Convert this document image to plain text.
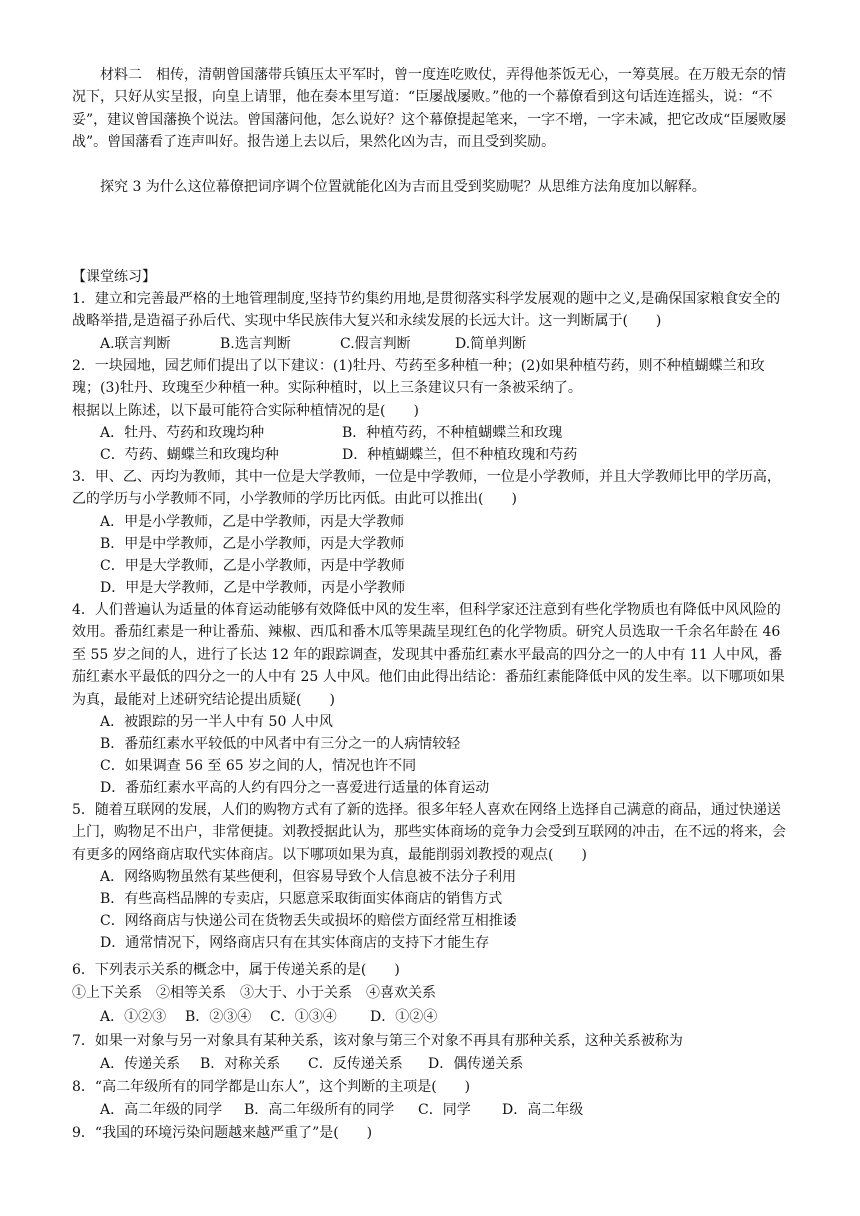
材料二　相传，清朝曾国藩带兵镇压太平军时，曾一度连吃败仗，弄得他茶饭无心，一筹莫展。在万般无奈的情况下，只好从实呈报，向皇上请罪，他在奏本里写道：“臣屡战屡败。”他的一个幕僚看到这句话连连摇头，说：“不妥”，建议曾国藩换个说法。曾国藩问他，怎么说好？这个幕僚提起笔来，一字不增，一字未减，把它改成“臣屡败屡战”。曾国藩看了连声叫好。报告递上去以后，果然化凶为吉，而且受到奖励。

探究 3 为什么这位幕僚把词序调个位置就能化凶为吉而且受到奖励呢？从思维方法角度加以解释。

【课堂练习】

1．建立和完善最严格的土地管理制度,坚持节约集约用地,是贯彻落实科学发展观的题中之义,是确保国家粮食安全的战略举措,是造福子孙后代、实现中华民族伟大复兴和永续发展的长远大计。这一判断属于(　　)

A.联言判断	B.选言判断	C.假言判断	D.简单判断

2．一块园地，园艺师们提出了以下建议：(1)牡丹、芍药至多种植一种；(2)如果种植芍药，则不种植蝴蝶兰和玫瑰；(3)牡丹、玫瑰至少种植一种。实际种植时，以上三条建议只有一条被采纳了。

根据以上陈述，以下最可能符合实际种植情况的是(　　)

A．牡丹、芍药和玫瑰均种	B．种植芍药，不种植蝴蝶兰和玫瑰
C．芍药、蝴蝶兰和玫瑰均种	D．种植蝴蝶兰，但不种植玫瑰和芍药

3．甲、乙、丙均为教师，其中一位是大学教师，一位是中学教师，一位是小学教师，并且大学教师比甲的学历高，乙的学历与小学教师不同，小学教师的学历比丙低。由此可以推出(　　)

A．甲是小学教师，乙是中学教师，丙是大学教师

B．甲是中学教师，乙是小学教师，丙是大学教师

C．甲是大学教师，乙是小学教师，丙是中学教师

D．甲是大学教师，乙是中学教师，丙是小学教师

4．人们普遍认为适量的体育运动能够有效降低中风的发生率，但科学家还注意到有些化学物质也有降低中风风险的效用。番茄红素是一种让番茄、辣椒、西瓜和番木瓜等果蔬呈现红色的化学物质。研究人员选取一千余名年龄在 46 至 55 岁之间的人，进行了长达 12 年的跟踪调查，发现其中番茄红素水平最高的四分之一的人中有 11 人中风，番茄红素水平最低的四分之一的人中有 25 人中风。他们由此得出结论：番茄红素能降低中风的发生率。以下哪项如果为真，最能对上述研究结论提出质疑(　　)

A．被跟踪的另一半人中有 50 人中风

B．番茄红素水平较低的中风者中有三分之一的人病情较轻

C．如果调查 56 至 65 岁之间的人，情况也许不同

D．番茄红素水平高的人约有四分之一喜爱进行适量的体育运动

5．随着互联网的发展，人们的购物方式有了新的选择。很多年轻人喜欢在网络上选择自己满意的商品，通过快递送上门，购物足不出户，非常便捷。刘教授据此认为，那些实体商场的竞争力会受到互联网的冲击，在不远的将来，会有更多的网络商店取代实体商店。以下哪项如果为真，最能削弱刘教授的观点(　　)

A．网络购物虽然有某些便利，但容易导致个人信息被不法分子利用

B．有些高档品牌的专卖店，只愿意采取街面实体商店的销售方式

C．网络商店与快递公司在货物丢失或损坏的赔偿方面经常互相推诿

D．通常情况下，网络商店只有在其实体商店的支持下才能生存

6．下列表示关系的概念中，属于传递关系的是(　　)

①上下关系　②相等关系　③大于、小于关系　④喜欢关系

A．①②③ B．②③④ C．①③④ D．①②④

7．如果一对象与另一对象具有某种关系，该对象与第三个对象不再具有那种关系，这种关系被称为

A．传递关系 B．对称关系 C．反传递关系 D．偶传递关系

8．“高二年级所有的同学都是山东人”，这个判断的主项是(　　)

A．高二年级的同学 B．高二年级所有的同学 C．同学 D．高二年级

9．“我国的环境污染问题越来越严重了”是(　　)
